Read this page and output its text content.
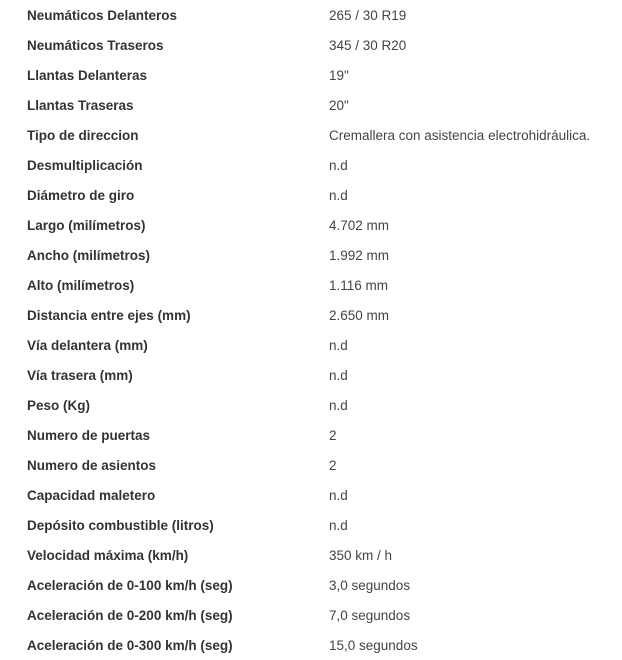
Neumáticos Delanteros	265 / 30 R19
Neumáticos Traseros	345 / 30 R20
Llantas Delanteras	19"
Llantas Traseras	20"
Tipo de direccion	Cremallera con asistencia electrohidráulica.
Desmultiplicación	n.d
Diámetro de giro	n.d
Largo (milímetros)	4.702 mm
Ancho (milímetros)	1.992 mm
Alto (milímetros)	1.116 mm
Distancia entre ejes (mm)	2.650 mm
Vía delantera (mm)	n.d
Vía trasera (mm)	n.d
Peso (Kg)	n.d
Numero de puertas	2
Numero de asientos	2
Capacidad maletero	n.d
Depósito combustible (litros)	n.d
Velocidad máxima (km/h)	350 km / h
Aceleración de 0-100 km/h (seg)	3,0 segundos
Aceleración de 0-200 km/h (seg)	7,0 segundos
Aceleración de 0-300 km/h (seg)	15,0 segundos
